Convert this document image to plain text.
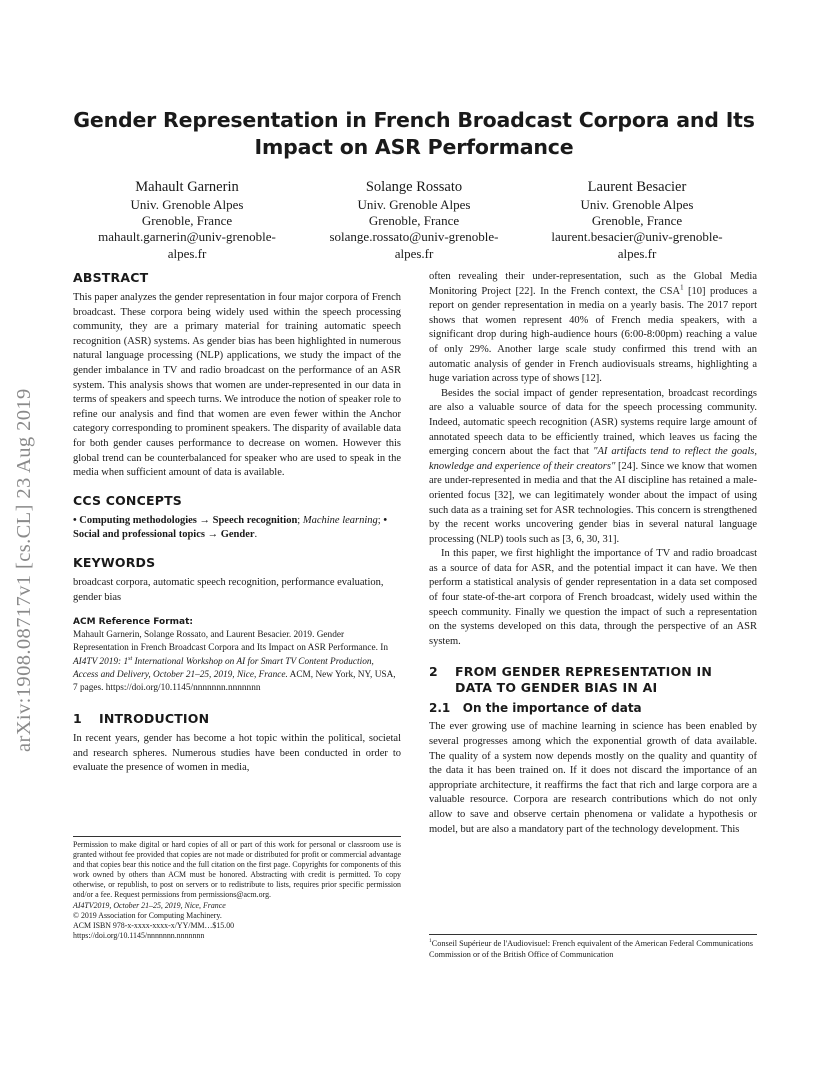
arXiv:1908.08717v1 [cs.CL] 23 Aug 2019
Gender Representation in French Broadcast Corpora and Its Impact on ASR Performance
Mahault Garnerin
Univ. Grenoble Alpes
Grenoble, France
mahault.garnerin@univ-grenoble-
alpes.fr
Solange Rossato
Univ. Grenoble Alpes
Grenoble, France
solange.rossato@univ-grenoble-
alpes.fr
Laurent Besacier
Univ. Grenoble Alpes
Grenoble, France
laurent.besacier@univ-grenoble-
alpes.fr
ABSTRACT

This paper analyzes the gender representation in four major corpora of French broadcast. These corpora being widely used within the speech processing community, they are a primary material for training automatic speech recognition (ASR) systems. As gender bias has been highlighted in numerous natural language processing (NLP) applications, we study the impact of the gender imbalance in TV and radio broadcast on the performance of an ASR system. This analysis shows that women are under-represented in our data in terms of speakers and speech turns. We introduce the notion of speaker role to refine our analysis and find that women are even fewer within the Anchor category corresponding to prominent speakers. The disparity of available data for both gender causes performance to decrease on women. However this global trend can be counterbalanced for speaker who are used to speak in the media when sufficient amount of data is available.

CCS CONCEPTS

• Computing methodologies → Speech recognition; Machine learning; • Social and professional topics → Gender.

KEYWORDS

broadcast corpora, automatic speech recognition, performance evaluation, gender bias

ACM Reference Format:

Mahault Garnerin, Solange Rossato, and Laurent Besacier. 2019. Gender Representation in French Broadcast Corpora and Its Impact on ASR Performance. In AI4TV 2019: 1st International Workshop on AI for Smart TV Content Production, Access and Delivery, October 21–25, 2019, Nice, France. ACM, New York, NY, USA, 7 pages. https://doi.org/10.1145/nnnnnnn.nnnnnnn

1	INTRODUCTION

In recent years, gender has become a hot topic within the political, societal and research spheres. Numerous studies have been conducted in order to evaluate the presence of women in media,

Permission to make digital or hard copies of all or part of this work for personal or classroom use is granted without fee provided that copies are not made or distributed for profit or commercial advantage and that copies bear this notice and the full citation on the first page. Copyrights for components of this work owned by others than ACM must be honored. Abstracting with credit is permitted. To copy otherwise, or republish, to post on servers or to redistribute to lists, requires prior specific permission and/or a fee. Request permissions from permissions@acm.org.
AI4TV2019, October 21–25, 2019, Nice, France
© 2019 Association for Computing Machinery.
ACM ISBN 978-x-xxxx-xxxx-x/YY/MM…$15.00
https://doi.org/10.1145/nnnnnnn.nnnnnnn

often revealing their under-representation, such as the Global Media Monitoring Project [22]. In the French context, the CSA$^1$ [10] produces a report on gender representation in media on a yearly basis. The 2017 report shows that women represent 40% of French media speakers, with a significant drop during high-audience hours (6:00-8:00pm) reaching a value of only 29%. Another large scale study confirmed this trend with an automatic analysis of gender in French audiovisuals streams, highlighting a huge variation across type of shows [12].

Besides the social impact of gender representation, broadcast recordings are also a valuable source of data for the speech processing community. Indeed, automatic speech recognition (ASR) systems require large amount of annotated speech data to be efficiently trained, which leaves us facing the emerging concern about the fact that "AI artifacts tend to reflect the goals, knowledge and experience of their creators" [24]. Since we know that women are under-represented in media and that the AI discipline has retained a male-oriented focus [32], we can legitimately wonder about the impact of using such data as a training set for ASR technologies. This concern is strengthened by the recent works uncovering gender bias in several natural language processing (NLP) tools such as [3, 6, 30, 31].

In this paper, we first highlight the importance of TV and radio broadcast as a source of data for ASR, and the potential impact it can have. We then perform a statistical analysis of gender representation in a data set composed of four state-of-the-art corpora of French broadcast, widely used within the speech community. Finally we question the impact of such a representation on the systems developed on this data, through the perspective of an ASR system.

2	FROM GENDER REPRESENTATION IN
DATA TO GENDER BIAS IN AI
2.1   On the importance of data

The ever growing use of machine learning in science has been enabled by several progresses among which the exponential growth of data available. The quality of a system now depends mostly on the quality and quantity of the data it has been trained on. If it does not discard the importance of an appropriate architecture, it reaffirms the fact that rich and large corpora are a valuable resource. Corpora are research contributions which do not only allow to save and observe certain phenomena or validate a hypothesis or model, but are also a mandatory part of the technology development. This

$^1$Conseil Supérieur de l'Audiovisuel: French equivalent of the American Federal Communications Commission or of the British Office of Communication
